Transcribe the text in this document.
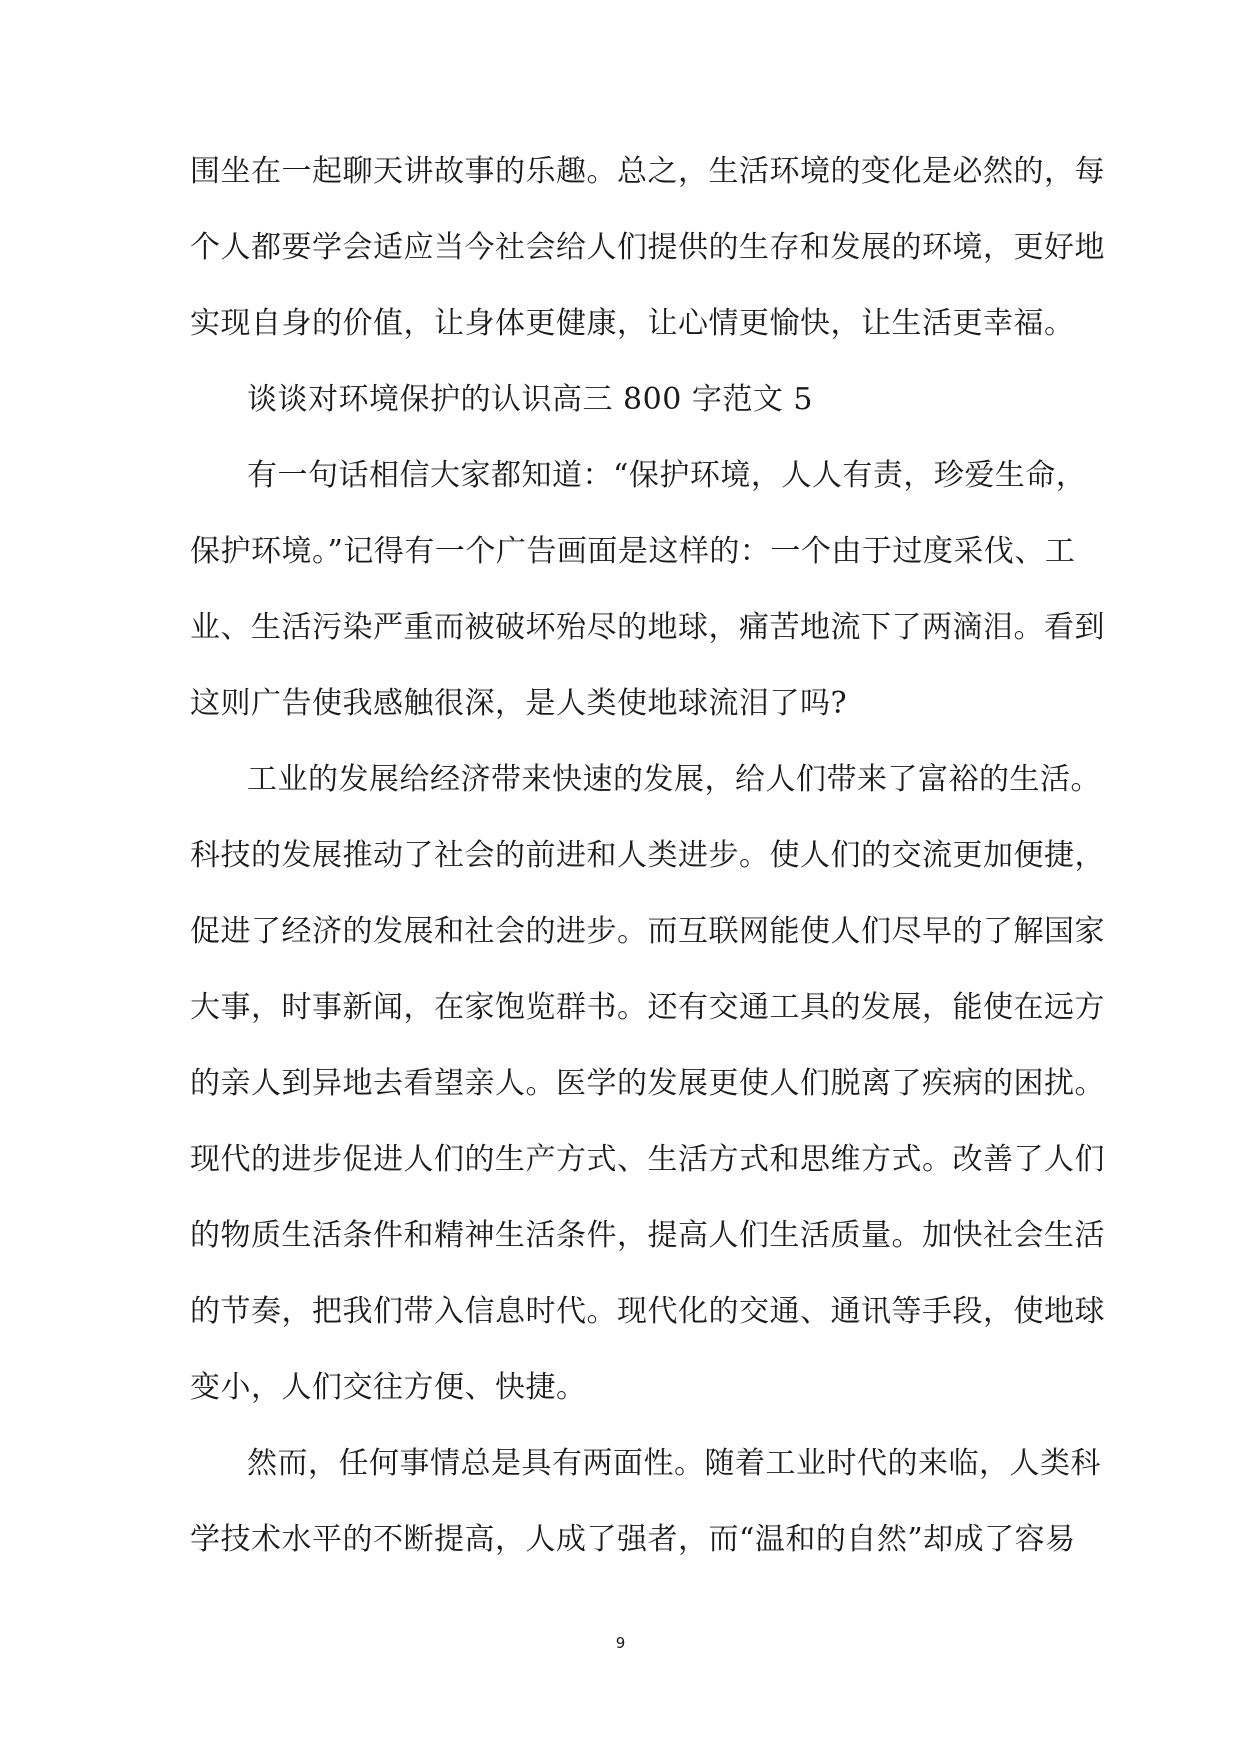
围坐在一起聊天讲故事的乐趣。总之，生活环境的变化是必然的，每
个人都要学会适应当今社会给人们提供的生存和发展的环境，更好地
实现自身的价值，让身体更健康，让心情更愉快，让生活更幸福。
谈谈对环境保护的认识高三 800 字范文 5
有一句话相信大家都知道：“保护环境，人人有责，珍爱生命，
保护环境。”记得有一个广告画面是这样的：一个由于过度采伐、工
业、生活污染严重而被破坏殆尽的地球，痛苦地流下了两滴泪。看到
这则广告使我感触很深，是人类使地球流泪了吗?
工业的发展给经济带来快速的发展，给人们带来了富裕的生活。
科技的发展推动了社会的前进和人类进步。使人们的交流更加便捷，
促进了经济的发展和社会的进步。而互联网能使人们尽早的了解国家
大事，时事新闻，在家饱览群书。还有交通工具的发展，能使在远方
的亲人到异地去看望亲人。医学的发展更使人们脱离了疾病的困扰。
现代的进步促进人们的生产方式、生活方式和思维方式。改善了人们
的物质生活条件和精神生活条件，提高人们生活质量。加快社会生活
的节奏，把我们带入信息时代。现代化的交通、通讯等手段，使地球
变小，人们交往方便、快捷。
然而，任何事情总是具有两面性。随着工业时代的来临，人类科
学技术水平的不断提高，人成了强者，而“温和的自然”却成了容易
9
